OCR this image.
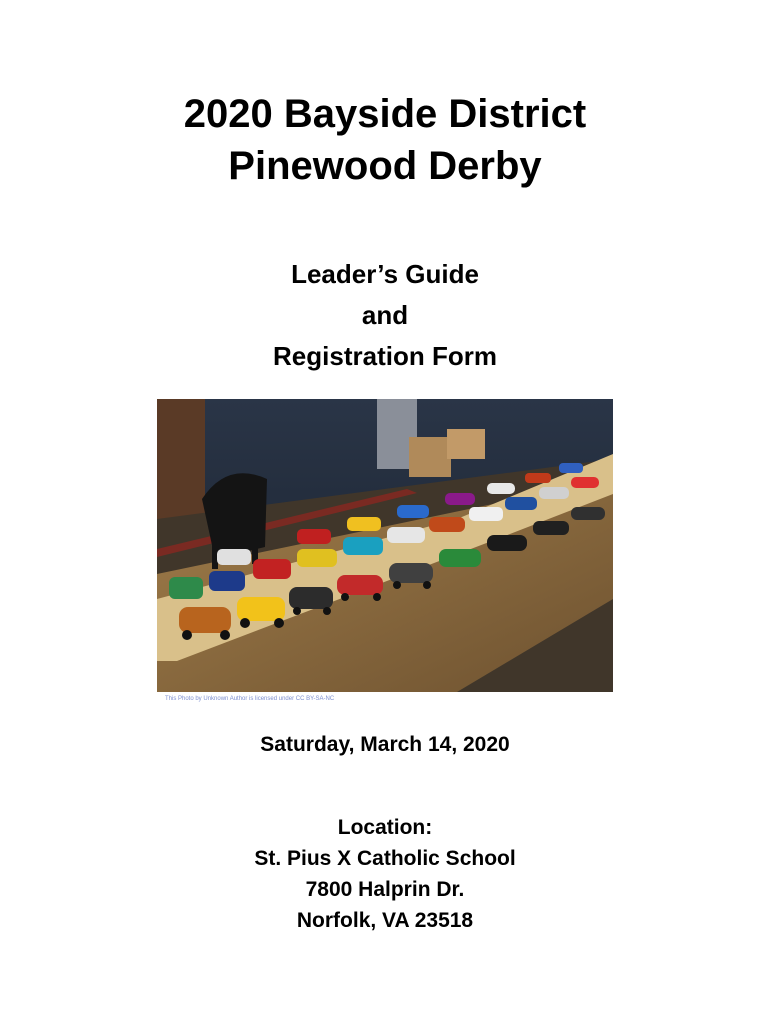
2020 Bayside District
Pinewood Derby
Leader’s Guide
and
Registration Form
This Photo by Unknown Author is licensed under CC BY-SA-NC
Saturday, March 14, 2020
Location:
St. Pius X Catholic School
7800 Halprin Dr.
Norfolk, VA 23518
